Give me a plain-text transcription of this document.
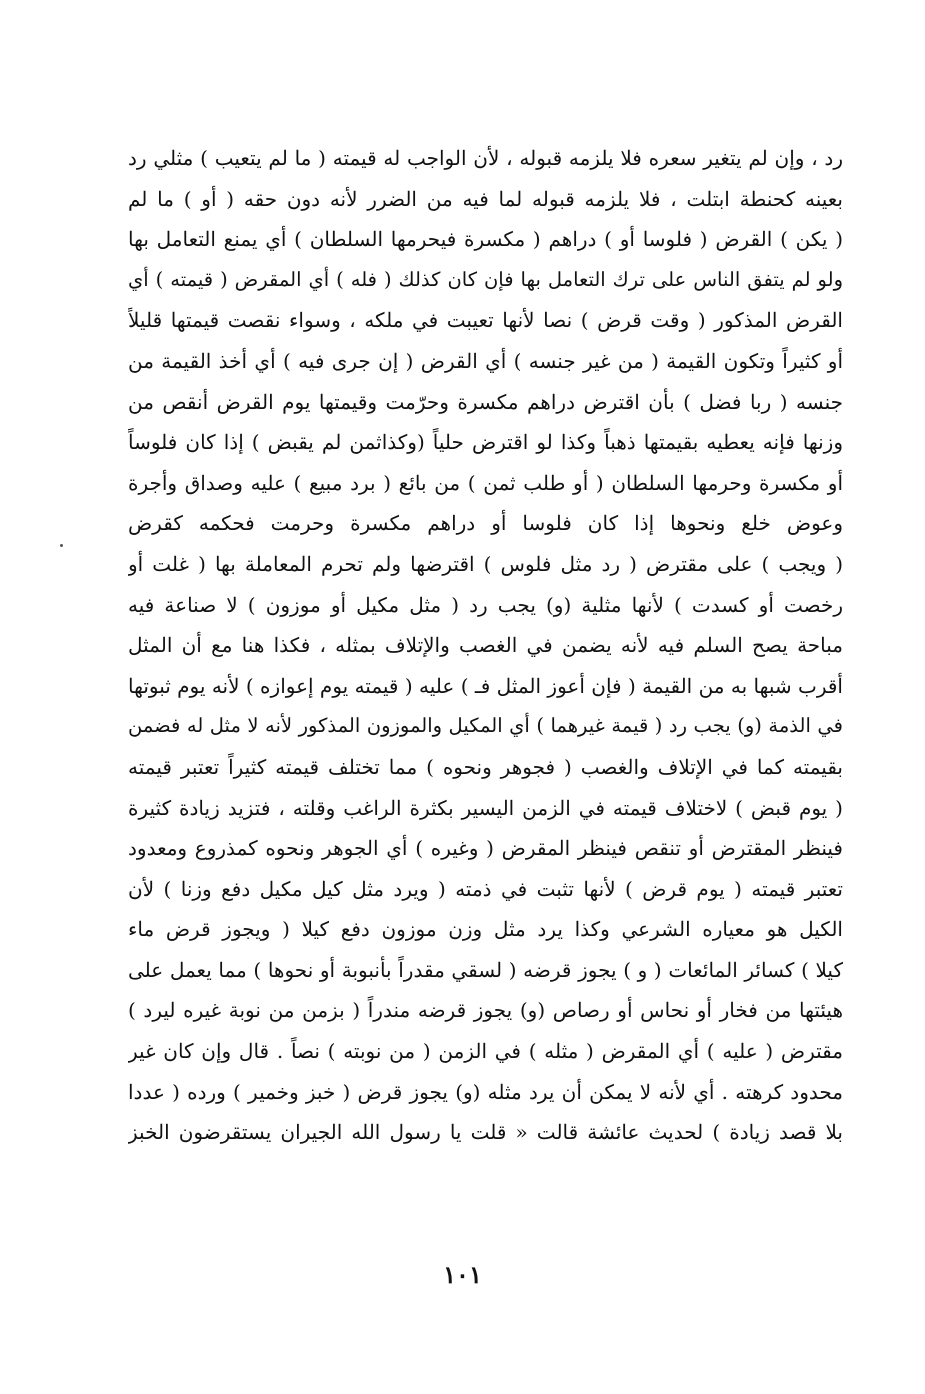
رد ، وإن لم يتغير سعره فلا يلزمه قبوله ، لأن الواجب له قيمته ( ما لم يتعيب ) مثلي رد
بعينه كحنطة ابتلت ، فلا يلزمه قبوله لما فيه من الضرر لأنه دون حقه ( أو ) ما لم
( يكن ) القرض ( فلوسا أو ) دراهم ( مكسرة فيحرمها السلطان ) أي يمنع التعامل بها
ولو لم يتفق الناس على ترك التعامل بها فإن كان كذلك ( فله ) أي المقرض ( قيمته ) أي
القرض المذكور ( وقت قرض ) نصا لأنها تعيبت في ملكه ، وسواء نقصت قيمتها قليلاً
أو كثيراً وتكون القيمة ( من غير جنسه ) أي القرض ( إن جرى فيه ) أي أخذ القيمة من
جنسه ( ربا فضل ) بأن اقترض دراهم مكسرة وحرّمت وقيمتها يوم القرض أنقص من
وزنها فإنه يعطيه بقيمتها ذهباً وكذا لو اقترض حلياً (وكذاثمن لم يقبض ) إذا كان فلوساً
أو مكسرة وحرمها السلطان ( أو طلب ثمن ) من بائع ( برد مبيع ) عليه وصداق وأجرة
وعوض خلع ونحوها إذا كان فلوسا أو دراهم مكسرة وحرمت فحكمه كقرض
( ويجب ) على مقترض ( رد مثل فلوس ) اقترضها ولم تحرم المعاملة بها ( غلت أو
رخصت أو كسدت ) لأنها مثلية (و) يجب رد ( مثل مكيل أو موزون ) لا صناعة فيه
مباحة يصح السلم فيه لأنه يضمن في الغصب والإتلاف بمثله ، فكذا هنا مع أن المثل
أقرب شبها به من القيمة ( فإن أعوز المثل فـ ) عليه ( قيمته يوم إعوازه ) لأنه يوم ثبوتها
في الذمة (و) يجب رد ( قيمة غيرهما ) أي المكيل والموزون المذكور لأنه لا مثل له فضمن
بقيمته كما في الإتلاف والغصب ( فجوهر ونحوه ) مما تختلف قيمته كثيراً تعتبر قيمته
( يوم قبض ) لاختلاف قيمته في الزمن اليسير بكثرة الراغب وقلته ، فتزيد زيادة كثيرة
فينظر المقترض أو تنقص فينظر المقرض ( وغيره ) أي الجوهر ونحوه كمذروع ومعدود
تعتبر قيمته ( يوم قرض ) لأنها تثبت في ذمته ( ويرد مثل كيل مكيل دفع وزنا ) لأن
الكيل هو معياره الشرعي وكذا يرد مثل وزن موزون دفع كيلا ( ويجوز قرض ماء
كيلا ) كسائر المائعات ( و ) يجوز قرضه ( لسقي مقدراً بأنبوبة أو نحوها ) مما يعمل على
هيئتها من فخار أو نحاس أو رصاص (و) يجوز قرضه مندراً ( بزمن من نوبة غيره ليرد )
مقترض ( عليه ) أي المقرض ( مثله ) في الزمن ( من نوبته ) نصاً . قال وإن كان غير
محدود كرهته . أي لأنه لا يمكن أن يرد مثله (و) يجوز قرض ( خبز وخمير ) ورده ( عددا
بلا قصد زيادة ) لحديث عائشة قالت « قلت يا رسول الله الجيران يستقرضون الخبز
١٠١
